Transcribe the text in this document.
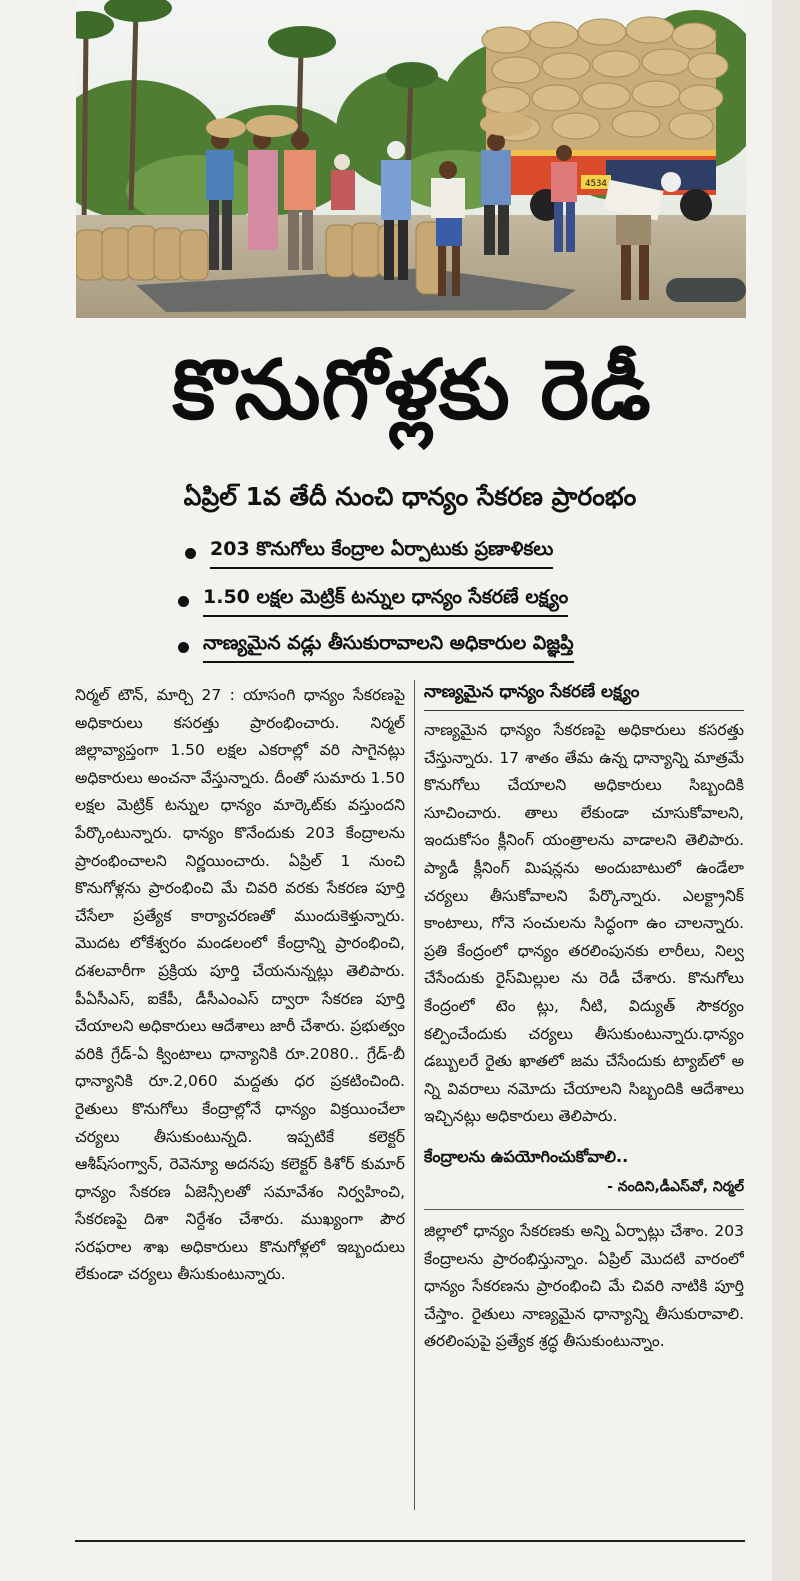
4534
కొనుగోళ్లకు రెడీ
ఏప్రిల్ 1వ తేదీ నుంచి ధాన్యం సేకరణ ప్రారంభం
203 కొనుగోలు కేంద్రాల ఏర్పాటుకు ప్రణాళికలు
1.50 లక్షల మెట్రిక్ టన్నుల ధాన్యం సేకరణే లక్ష్యం
నాణ్యమైన వడ్లు తీసుకురావాలని అధికారుల విజ్ఞప్తి
నిర్మల్ టౌన్, మార్చి 27 : యాసంగి ధాన్యం సేకరణపై అధికారులు కసరత్తు ప్రారంభించారు. నిర్మల్ జిల్లావ్యాప్తంగా 1.50 లక్షల ఎకరాల్లో వరి సాగైనట్లు అధికారులు అంచనా వేస్తున్నారు. దీంతో సుమారు 1.50 లక్షల మెట్రిక్ టన్నుల ధాన్యం మార్కెట్‌కు వస్తుందని పేర్కొంటున్నారు. ధాన్యం కొనేందుకు 203 కేంద్రాలను ప్రారంభించాలని నిర్ణయించారు. ఏప్రిల్ 1 నుంచి కొనుగోళ్లను ప్రారంభించి మే చివరి వరకు సేకరణ పూర్తి చేసేలా ప్రత్యేక కార్యాచరణతో ముందుకెళ్తున్నారు. మొదట లోకేశ్వరం మండలంలో కేంద్రాన్ని ప్రారంభించి, దశలవారీగా ప్రక్రియ పూర్తి చేయనున్నట్లు తెలిపారు. పీఏసీఎస్, ఐకేపీ, డీసీఎంఎస్ ద్వారా సేకరణ పూర్తి చేయాలని అధికారులు ఆదేశాలు జారీ చేశారు. ప్రభుత్వం వరికి గ్రేడ్-ఏ క్వింటాలు ధాన్యానికి రూ.2080.. గ్రేడ్-బీ ధాన్యానికి రూ.2,060 మద్దతు ధర ప్రకటించింది. రైతులు కొనుగోలు కేంద్రాల్లోనే ధాన్యం విక్రయించేలా చర్యలు తీసుకుంటున్నది. ఇప్పటికే కలెక్టర్ ఆశీష్‌సంగ్వాన్, రెవెన్యూ అదనపు కలెక్టర్ కిశోర్ కుమార్ ధాన్యం సేకరణ ఏజెన్సీలతో సమావేశం నిర్వహించి, సేకరణపై దిశా నిర్దేశం చేశారు. ముఖ్యంగా పౌర సరఫరాల శాఖ అధికారులు కొనుగోళ్లలో ఇబ్బందులు లేకుండా చర్యలు తీసుకుంటున్నారు.
నాణ్యమైన ధాన్యం సేకరణే లక్ష్యం
నాణ్యమైన ధాన్యం సేకరణపై అధికారులు కసరత్తు చేస్తున్నారు. 17 శాతం తేమ ఉన్న ధాన్యాన్ని మాత్రమే కొనుగోలు చేయాలని అధికారులు సిబ్బందికి సూచించారు. తాలు లేకుండా చూసుకోవాలని, ఇందుకోసం క్లీనింగ్ యంత్రాలను వాడాలని తెలిపారు. ప్యాడీ క్లీనింగ్ మిషన్లను అందుబాటులో ఉండేలా చర్యలు తీసుకోవాలని పేర్కొన్నారు. ఎలక్ట్రానిక్ కాంటాలు, గోనె సంచులను సిద్ధంగా ఉం చాలన్నారు. ప్రతి కేంద్రంలో ధాన్యం తరలింపునకు లారీలు, నిల్వ చేసేందుకు రైస్‌మిల్లుల ను రెడీ చేశారు. కొనుగోలు కేంద్రంలో టెం ట్లు, నీటి, విద్యుత్ సౌకర్యం కల్పించేందుకు చర్యలు తీసుకుంటున్నారు.ధాన్యం డబ్బులరే రైతు ఖాతలో జమ చేసేందుకు ట్యాబ్‌లో అ న్ని వివరాలు నమోదు చేయాలని సిబ్బందికి ఆదేశాలు ఇచ్చినట్లు అధికారులు తెలిపారు.
కేంద్రాలను ఉపయోగించుకోవాలి..
- నందిని,డీఎస్‌వో, నిర్మల్
జిల్లాలో ధాన్యం సేకరణకు అన్ని ఏర్పాట్లు చేశాం. 203 కేంద్రాలను ప్రారంభిస్తున్నాం. ఏప్రిల్ మొదటి వారంలో ధాన్యం సేకరణను ప్రారంభించి మే చివరి నాటికి పూర్తి చేస్తాం. రైతులు నాణ్యమైన ధాన్యాన్ని తీసుకురావాలి. తరలింపుపై ప్రత్యేక శ్రద్ధ తీసుకుంటున్నాం.
